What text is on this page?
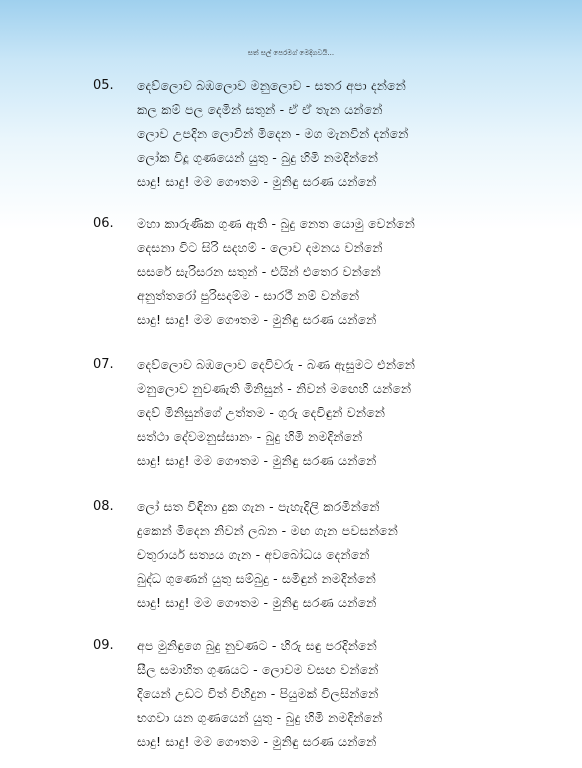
සත් සල් පෙරමග් මෙදිගවයි...
05. දෙව්ලොව බඹලොව මනුලොව - සතර අපා දන්නේ
කල කම් පල දෙමින් සතුන් - ඒ ඒ තැන යන්නේ
ලොව උපදින ලොවින් මිදෙන - මග මැනවින් දන්නේ
ලෝක විදූ ගුණයෙන් යුතු - බුදු හිමි නමදින්නේ
සාදු! සාදු! මම ගෞතම - මුනිඳු සරණ යන්නේ
06. මහා කාරුණික ගුණ ඇති - බුදු නෙත යොමු වෙන්නේ
දෙසනා විට සිරි සදහම් - ලොව දමනය වන්නේ
සසරේ සැරිසරන සතුන් - එයින් එතෙර වන්නේ
අනුත්තරෝ පුරිසදම්ම - සාරථී නම් වන්නේ
සාදු! සාදු! මම ගෞතම - මුනිඳු සරණ යන්නේ
07. දෙව්ලොව බඹලොව දෙවිවරු - බණ ඇසුමට එන්නේ
මනුලොව නුවණැති මිනිසුන් - නිවන් මඟෙහි යන්නේ
දෙව් මිනිසුන්ගේ උත්තම - ගුරු දෙවිඳුන් වන්නේ
සත්ථා දේවමනුස්සානං - බුදු හිමි නමදින්නේ
සාදු! සාදු! මම ගෞතම - මුනිඳු සරණ යන්නේ
08. ලෝ සත විඳිනා දුක ගැන - පැහැදිලි කරමින්නේ
දුකෙන් මිදෙන නිවන් ලබන - මඟ ගැන පවසන්නේ
චතුරාර්ය සත්‍යය ගැන - අවබෝධය දෙන්නේ
බුද්ධ ගුණෙන් යුතු සම්බුදු - සමිඳුන් නමදින්නේ
සාදු! සාදු! මම ගෞතම - මුනිඳු සරණ යන්නේ
09. අප මුනිඳුගෙ බුදු නුවණට - හිරු සඳු පරදින්නේ
සීල සමාහිත ගුණයට - ලොවම වසඟ වන්නේ
දියෙන් උඩට විත් විහිදුන - පියුමක් විලසින්නේ
භගවා යන ගුණයෙන් යුතු - බුදු හිමි නමදින්නේ
සාදු! සාදු! මම ගෞතම - මුනිඳු සරණ යන්නේ
